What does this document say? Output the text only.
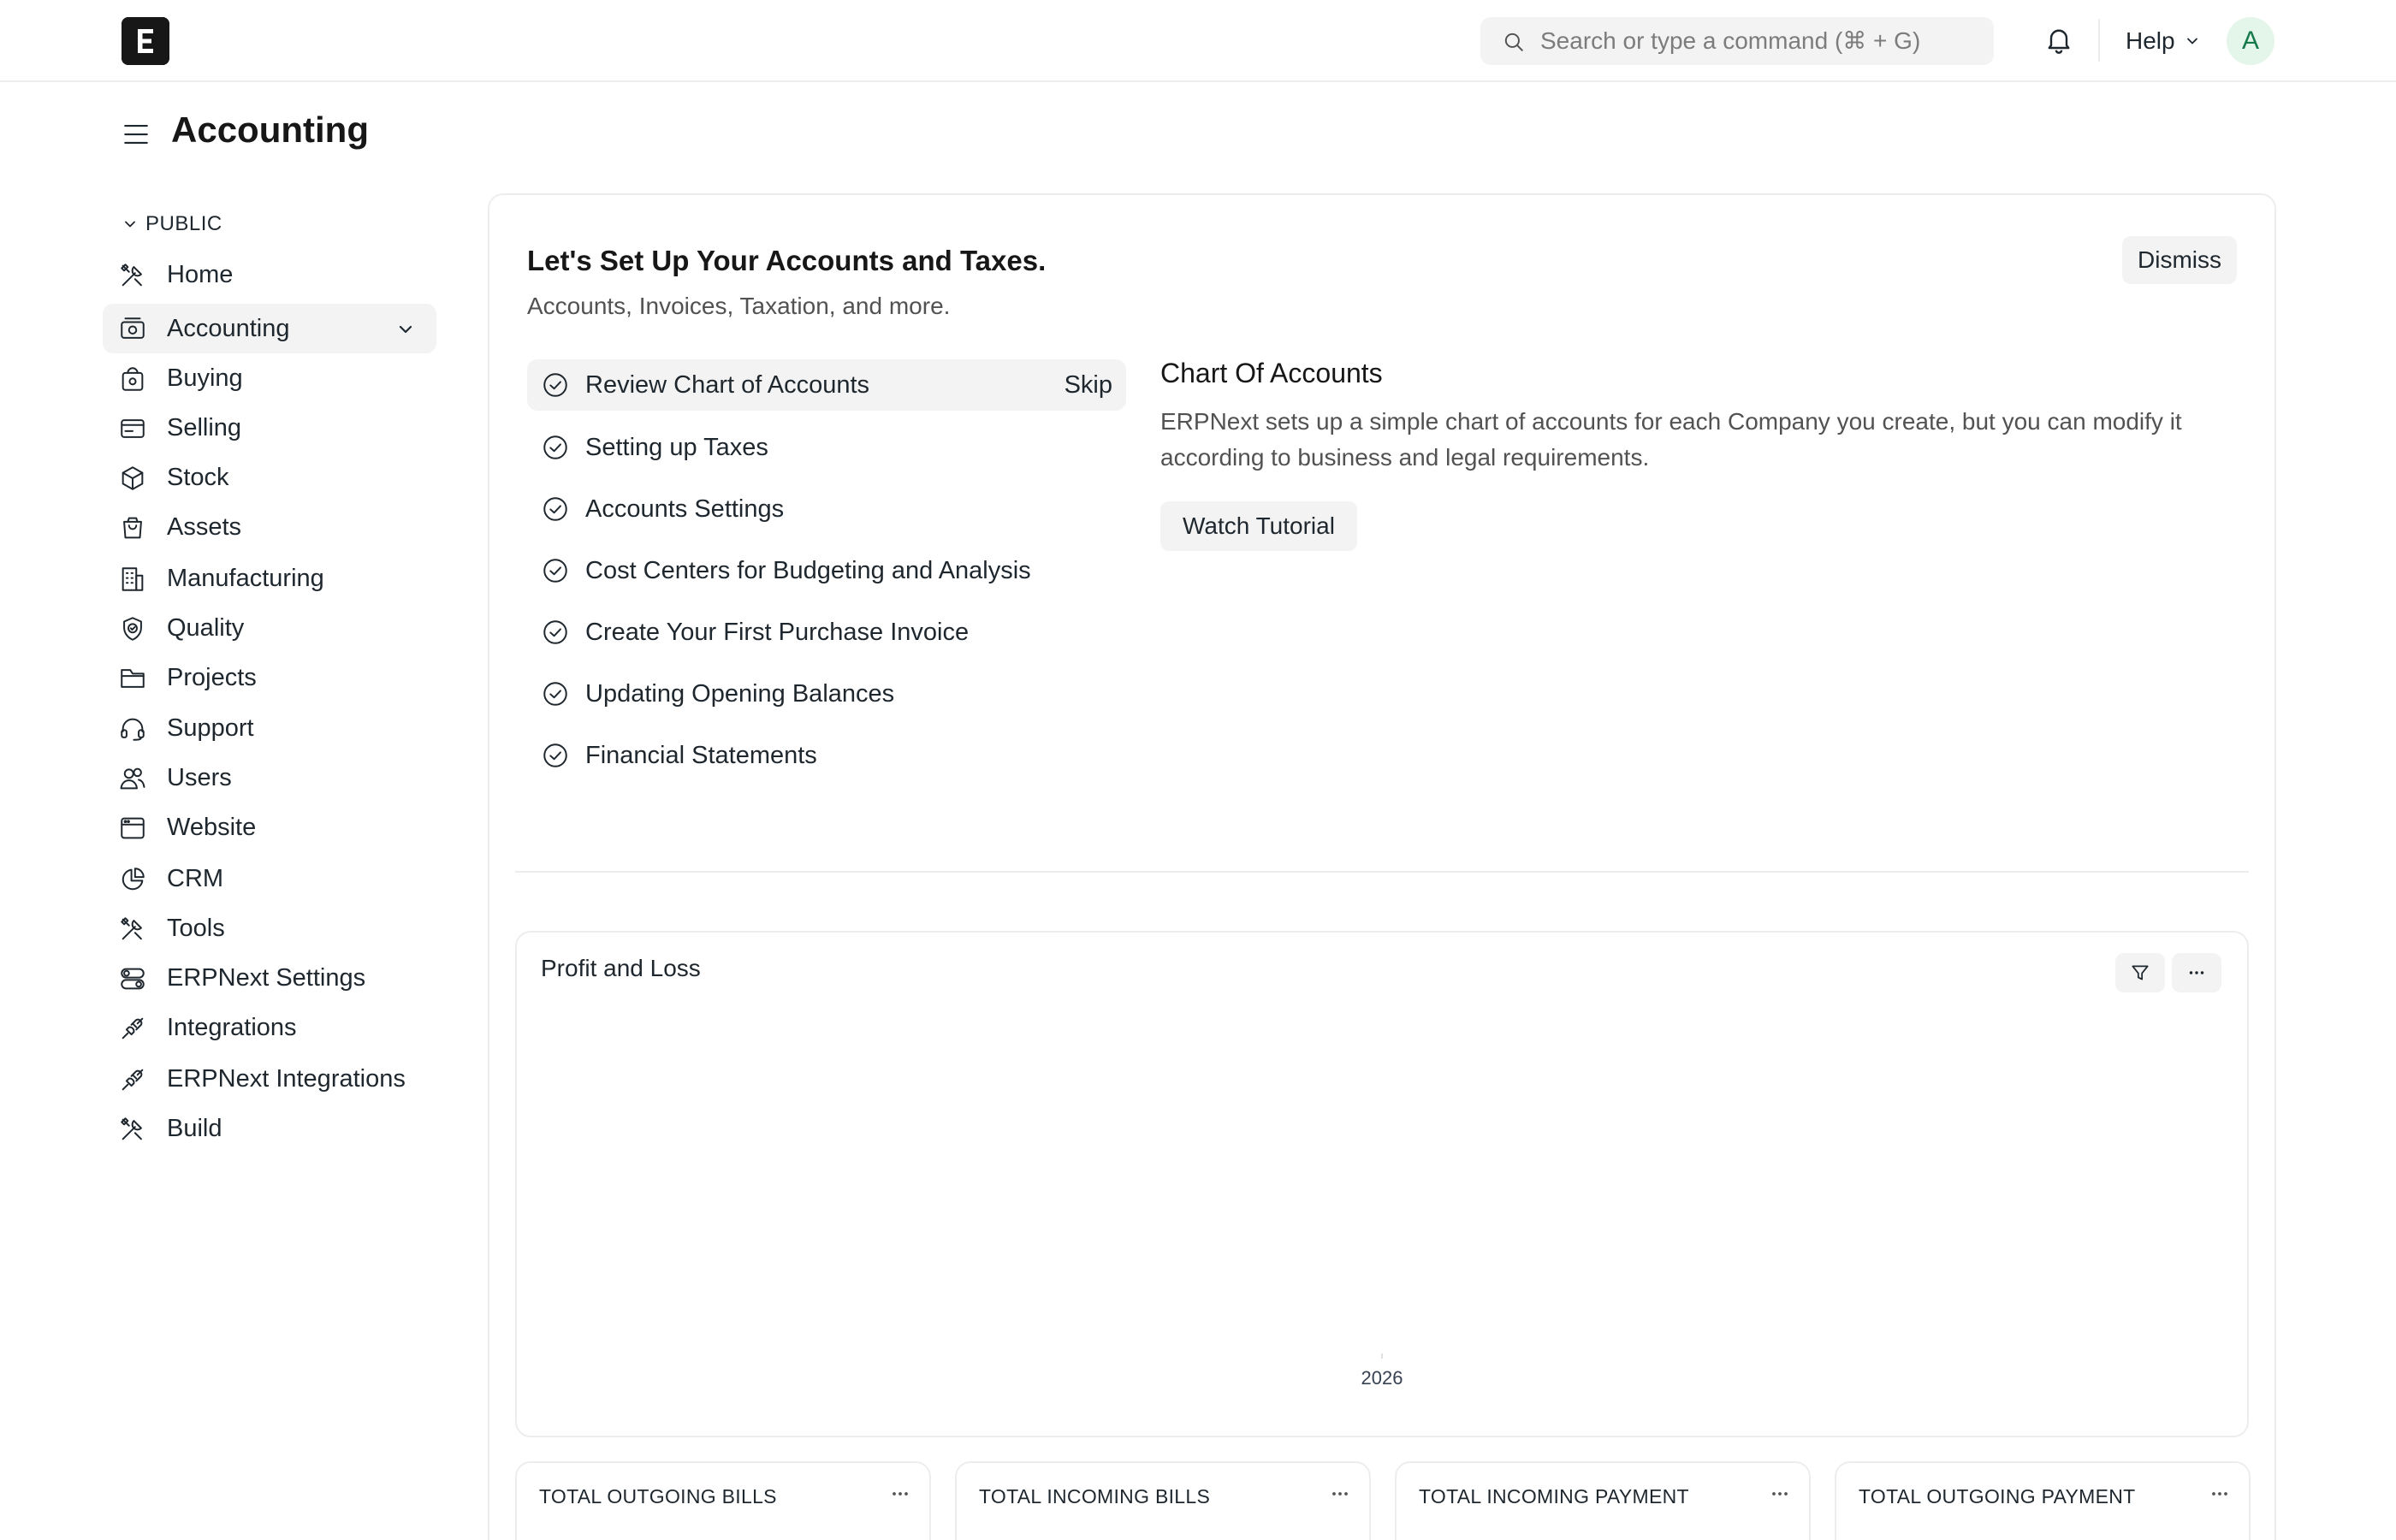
Search or type a command (⌘ + G)
Help	A
Accounting
PUBLIC
Home
Accounting
Buying
Selling
Stock
Assets
Manufacturing
Quality
Projects
Support
Users
Website
CRM
Tools
ERPNext Settings
Integrations
ERPNext Integrations
Build
Let's Set Up Your Accounts and Taxes.
Accounts, Invoices, Taxation, and more.
Dismiss
Review Chart of Accounts	Skip
Setting up Taxes
Accounts Settings
Cost Centers for Budgeting and Analysis
Create Your First Purchase Invoice
Updating Opening Balances
Financial Statements
Chart Of Accounts
ERPNext sets up a simple chart of accounts for each Company you create, but you can modify it according to business and legal requirements.
Watch Tutorial
Profit and Loss
2026
TOTAL OUTGOING BILLS	TOTAL INCOMING BILLS	TOTAL INCOMING PAYMENT	TOTAL OUTGOING PAYMENT
